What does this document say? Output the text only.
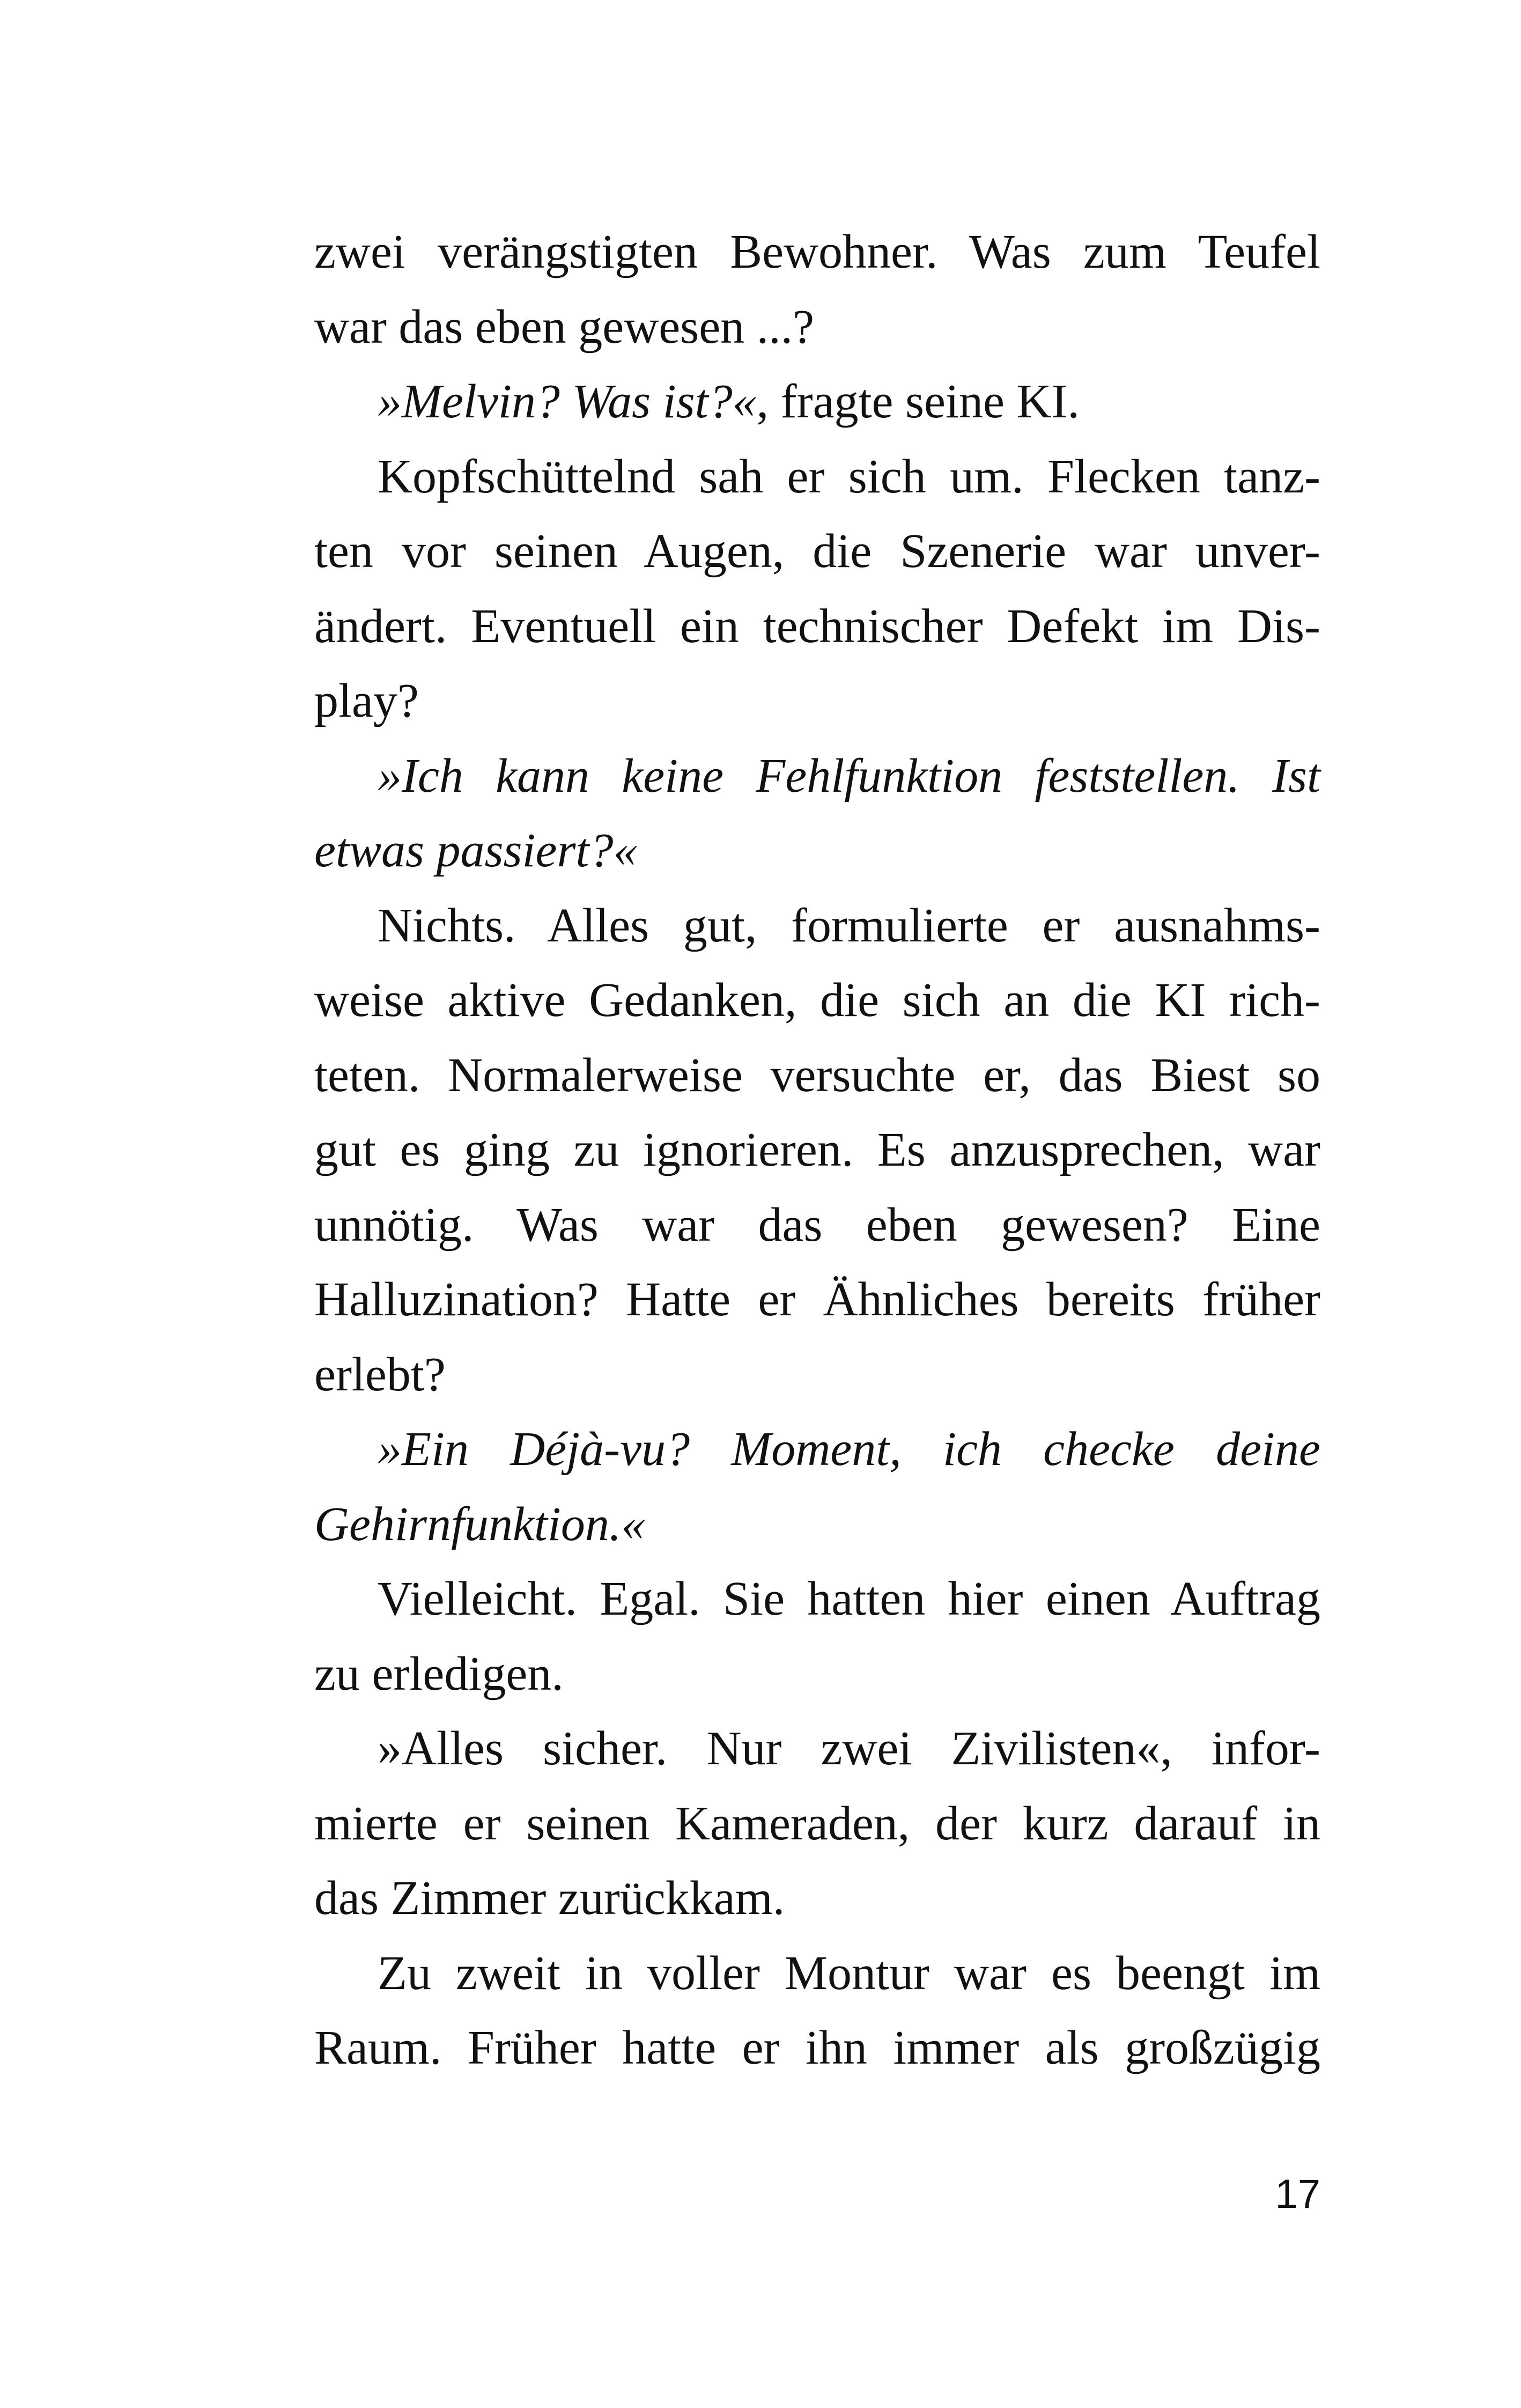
zwei verängstigten Bewohner. Was zum Teufel
war das eben gewesen ...?
»Melvin? Was ist?«, fragte seine KI.
Kopfschüttelnd sah er sich um. Flecken tanz-
ten vor seinen Augen, die Szenerie war unver-
ändert. Eventuell ein technischer Defekt im Dis-
play?
»Ich kann keine Fehlfunktion feststellen. Ist
etwas passiert?«
Nichts. Alles gut, formulierte er ausnahms-
weise aktive Gedanken, die sich an die KI rich-
teten. Normalerweise versuchte er, das Biest so
gut es ging zu ignorieren. Es anzusprechen, war
unnötig. Was war das eben gewesen? Eine
Halluzination? Hatte er Ähnliches bereits früher
erlebt?
»Ein Déjà-vu? Moment, ich checke deine
Gehirnfunktion.«
Vielleicht. Egal. Sie hatten hier einen Auftrag
zu erledigen.
»Alles sicher. Nur zwei Zivilisten«, infor-
mierte er seinen Kameraden, der kurz darauf in
das Zimmer zurückkam.
Zu zweit in voller Montur war es beengt im
Raum. Früher hatte er ihn immer als großzügig
17
